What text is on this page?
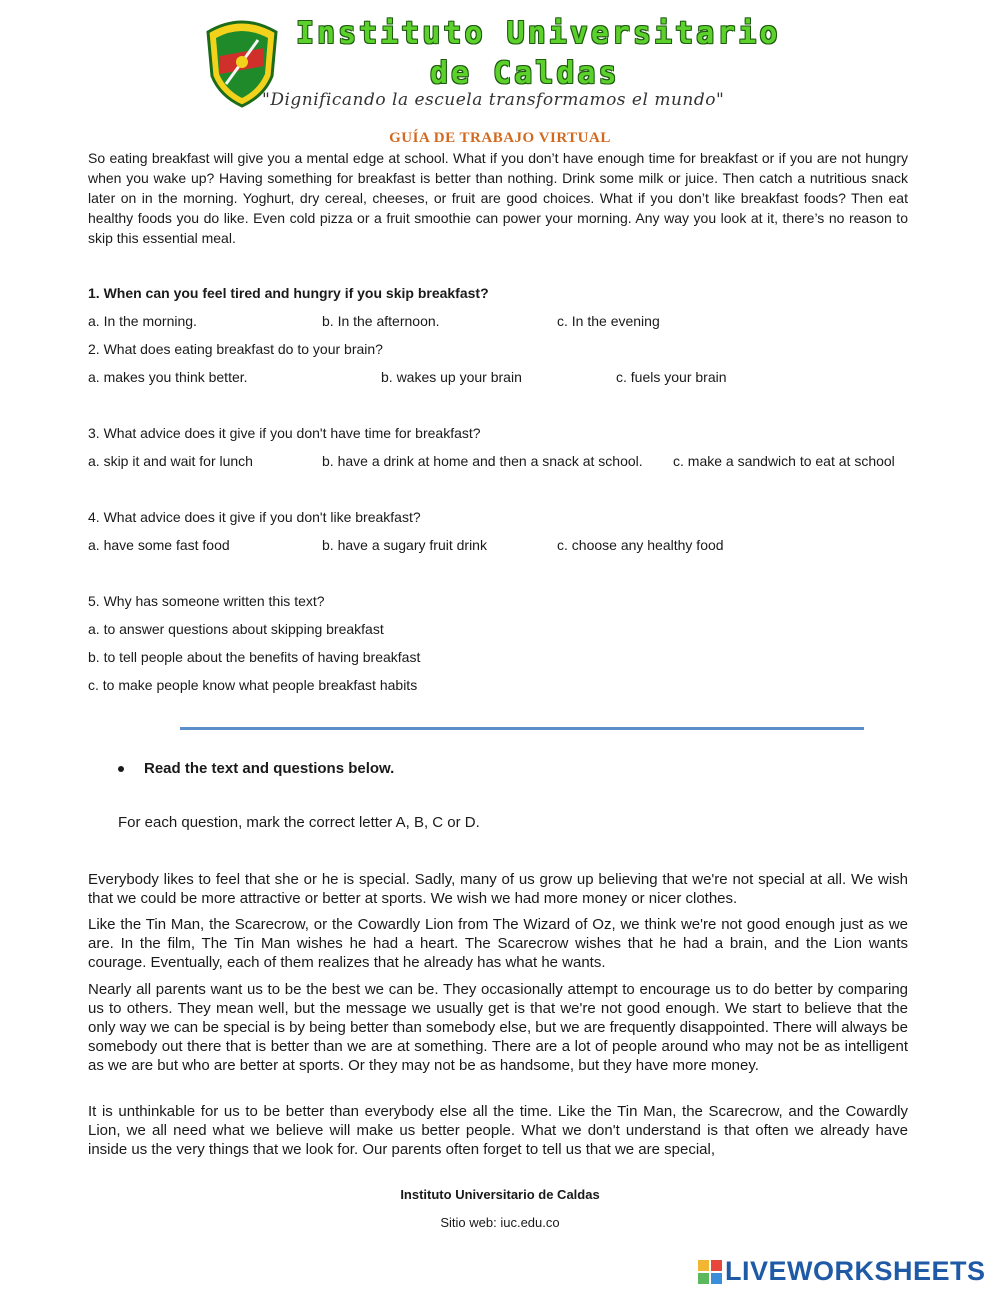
Instituto Universitario
de Caldas
"Dignificando la escuela transformamos el mundo"
GUÍA DE TRABAJO VIRTUAL
So eating breakfast will give you a mental edge at school. What if you don’t have enough time for breakfast or if you are not hungry when you wake up? Having something for breakfast is better than nothing. Drink some milk or juice. Then catch a nutritious snack later on in the morning. Yoghurt, dry cereal, cheeses, or fruit are good choices. What if you don’t like breakfast foods? Then eat healthy foods you do like. Even cold pizza or a fruit smoothie can power your morning. Any way you look at it, there’s no reason to skip this essential meal.
1. When can you feel tired and hungry if you skip breakfast?
a. In the morning.	b. In the afternoon.	c. In the evening
2. What does eating breakfast do to your brain?
a. makes you think better.	b. wakes up your brain	c. fuels your brain
3. What advice does it give if you don't have time for breakfast?
a. skip it and wait for lunch	b. have a drink at home and then a snack at school. c. make a sandwich to eat at school
4. What advice does it give if you don't like breakfast?
a. have some fast food	b. have a sugary fruit drink	c. choose any healthy food
5. Why has someone written this text?
a. to answer questions about skipping breakfast
b. to tell people about the benefits of having breakfast
c. to make people know what people breakfast habits
Read the text and questions below.
For each question, mark the correct letter A, B, C or D.
Everybody likes to feel that she or he is special. Sadly, many of us grow up believing that we're not special at all. We wish that we could be more attractive or better at sports. We wish we had more money or nicer clothes.
Like the Tin Man, the Scarecrow, or the Cowardly Lion from The Wizard of Oz, we think we're not good enough just as we are. In the film, The Tin Man wishes he had a heart. The Scarecrow wishes that he had a brain, and the Lion wants courage. Eventually, each of them realizes that he already has what he wants.
Nearly all parents want us to be the best we can be. They occasionally attempt to encourage us to do better by comparing us to others. They mean well, but the message we usually get is that we're not good enough. We start to believe that the only way we can be special is by being better than somebody else, but we are frequently disappointed. There will always be somebody out there that is better than we are at something. There are a lot of people around who may not be as intelligent as we are but who are better at sports. Or they may not be as handsome, but they have more money.
It is unthinkable for us to be better than everybody else all the time. Like the Tin Man, the Scarecrow, and the Cowardly Lion, we all need what we believe will make us better people. What we don't understand is that often we already have inside us the very things that we look for. Our parents often forget to tell us that we are special,
Instituto Universitario de Caldas
Sitio web: iuc.edu.co
LIVEWORKSHEETS
